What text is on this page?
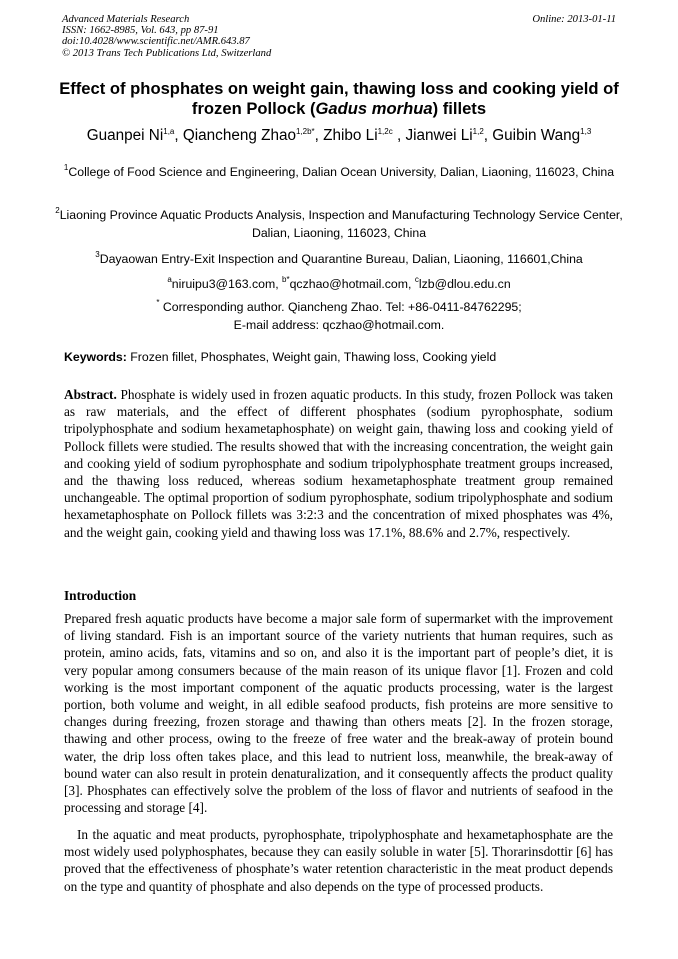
Advanced Materials Research
ISSN: 1662-8985, Vol. 643, pp 87-91
doi:10.4028/www.scientific.net/AMR.643.87
© 2013 Trans Tech Publications Ltd, Switzerland
Online: 2013-01-11
Effect of phosphates on weight gain, thawing loss and cooking yield of frozen Pollock (Gadus morhua) fillets
Guanpei Ni$^{1,a}$, Qiancheng Zhao$^{1,2b*}$, Zhibo $Li^{1,2c}$ , Jianwei Li$^{1,2}$, Guibin Wang$^{1,3}$
$^1$College of Food Science and Engineering, Dalian Ocean University, Dalian, Liaoning, 116023, China
$^2$Liaoning Province Aquatic Products Analysis, Inspection and Manufacturing Technology Service Center, Dalian, Liaoning, 116023, China
$^3$Dayaowan Entry-Exit Inspection and Quarantine Bureau, Dalian, Liaoning, 116601,China
$^a$niruipu3@163.com, $^{b*}$qczhao@hotmail.com, $^c$lzb@dlou.edu.cn
* Corresponding author. Qiancheng Zhao. Tel: +86-0411-84762295;
E-mail address: qczhao@hotmail.com.
Keywords: Frozen fillet, Phosphates, Weight gain, Thawing loss, Cooking yield
Abstract. Phosphate is widely used in frozen aquatic products. In this study, frozen Pollock was taken as raw materials, and the effect of different phosphates (sodium pyrophosphate, sodium tripolyphosphate and sodium hexametaphosphate) on weight gain, thawing loss and cooking yield of Pollock fillets were studied. The results showed that with the increasing concentration, the weight gain and cooking yield of sodium pyrophosphate and sodium tripolyphosphate treatment groups increased, and the thawing loss reduced, whereas sodium hexametaphosphate treatment group remained unchangeable. The optimal proportion of sodium pyrophosphate, sodium tripolyphosphate and sodium hexametaphosphate on Pollock fillets was 3:2:3 and the concentration of mixed phosphates was 4%, and the weight gain, cooking yield and thawing loss was 17.1%, 88.6% and 2.7%, respectively.
Introduction

Prepared fresh aquatic products have become a major sale form of supermarket with the improvement of living standard. Fish is an important source of the variety nutrients that human requires, such as protein, amino acids, fats, vitamins and so on, and also it is the important part of people’s diet, it is very popular among consumers because of the main reason of its unique flavor [1]. Frozen and cold working is the most important component of the aquatic products processing, water is the largest portion, both volume and weight, in all edible seafood products, fish proteins are more sensitive to changes during freezing, frozen storage and thawing than others meats [2]. In the frozen storage, thawing and other process, owing to the freeze of free water and the break-away of protein bound water, the drip loss often takes place, and this lead to nutrient loss, meanwhile, the break-away of bound water can also result in protein denaturalization, and it consequently affects the product quality [3]. Phosphates can effectively solve the problem of the loss of flavor and nutrients of seafood in the processing and storage [4].

In the aquatic and meat products, pyrophosphate, tripolyphosphate and hexametaphosphate are the most widely used polyphosphates, because they can easily soluble in water [5]. Thorarinsdottir [6] has proved that the effectiveness of phosphate’s water retention characteristic in the meat product depends on the type and quantity of phosphate and also depends on the type of processed products.
